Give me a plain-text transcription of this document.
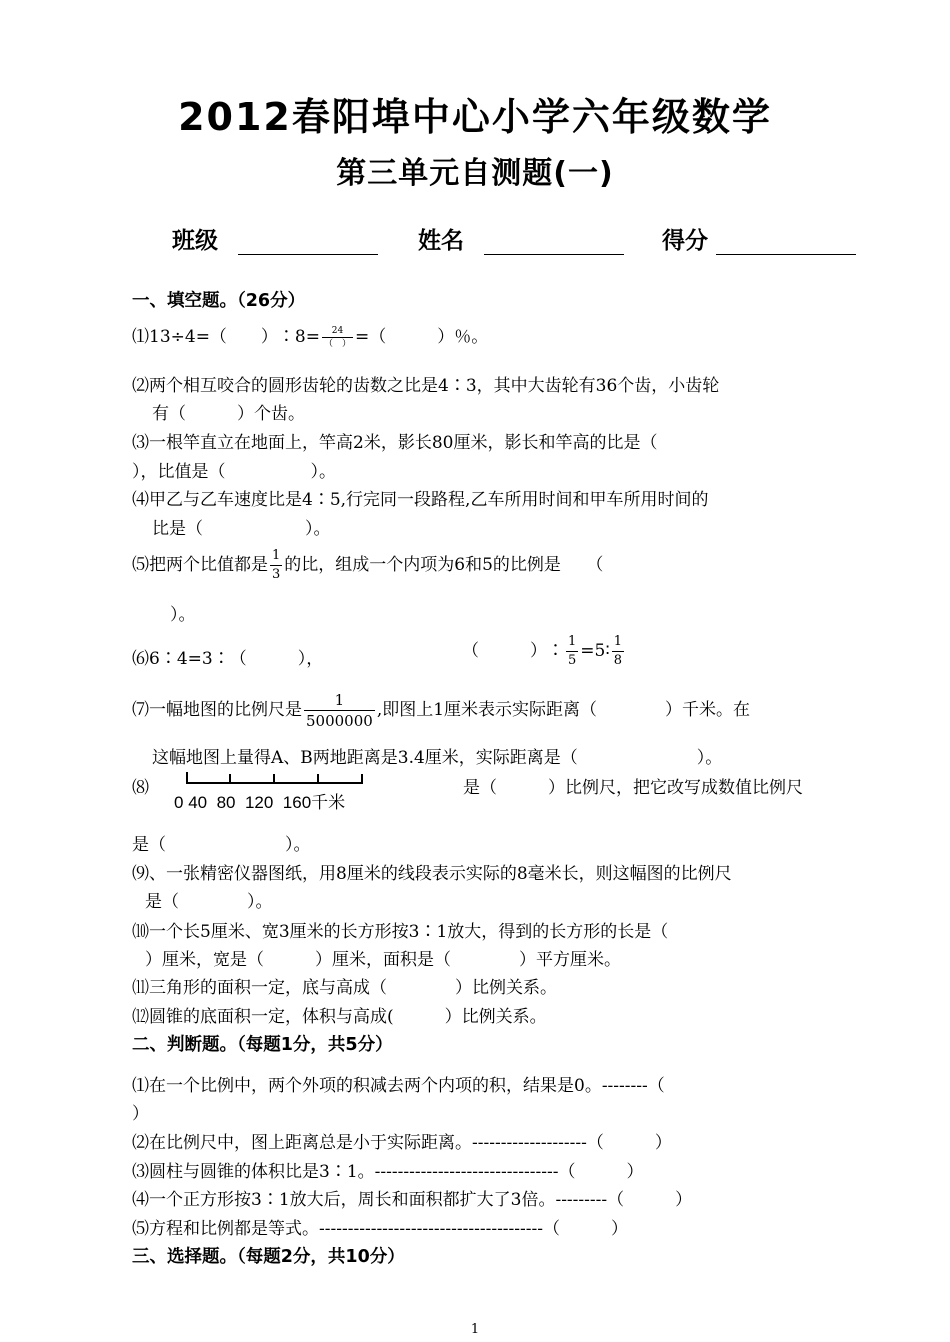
2012春阳埠中心小学六年级数学
第三单元自测题(一)
班级	姓名	得分
一、填空题。（26分）
⑴13÷4=（　　）∶8= $\frac{24}{( )}$ =（　　　）％。
⑵两个相互咬合的圆形齿轮的齿数之比是4∶3，其中大齿轮有36个齿，小齿轮
有（　　　）个齿。
⑶一根竿直立在地面上，竿高2米，影长80厘米，影长和竿高的比是（
），比值是（　　　　　）。
⑷甲乙与乙车速度比是4∶5,行完同一段路程,乙车所用时间和甲车所用时间的
比是（　　　　　　）。
⑸把两个比值都是 $\frac{1}{3}$ 的比，组成一个内项为6和5的比例是　　（
）。
⑹6∶4=3∶（　　　），	（　　　）∶ $\frac{1}{5}$ =5∶ $\frac{1}{8}$
⑺一幅地图的比例尺是 $\frac{1}{5000000}$ ,即图上1厘米表示实际距离（　　　　）千米。在
这幅地图上量得A、B两地距离是3.4厘米，实际距离是（　　　　　　　）。
⑻
0 40 80 120 160千米
是（　　　）比例尺，把它改写成数值比例尺
是（　　　　　　　）。
⑼、一张精密仪器图纸，用8厘米的线段表示实际的8毫米长，则这幅图的比例尺
是（　　　　）。
⑽一个长5厘米、宽3厘米的长方形按3∶1放大，得到的长方形的长是（
）厘米，宽是（　　　）厘米，面积是（　　　　）平方厘米。
⑾三角形的面积一定，底与高成（　　　　）比例关系。
⑿圆锥的底面积一定，体积与高成(　　　）比例关系。
二、判断题。（每题1分，共5分）
⑴在一个比例中，两个外项的积减去两个内项的积，结果是0。--------（
）
⑵在比例尺中，图上距离总是小于实际距离。--------------------（　　　）
⑶圆柱与圆锥的体积比是3∶1。--------------------------------（　　　）
⑷一个正方形按3∶1放大后，周长和面积都扩大了3倍。---------（　　　）
⑸方程和比例都是等式。---------------------------------------（　　　）
三、选择题。（每题2分，共10分）
1
